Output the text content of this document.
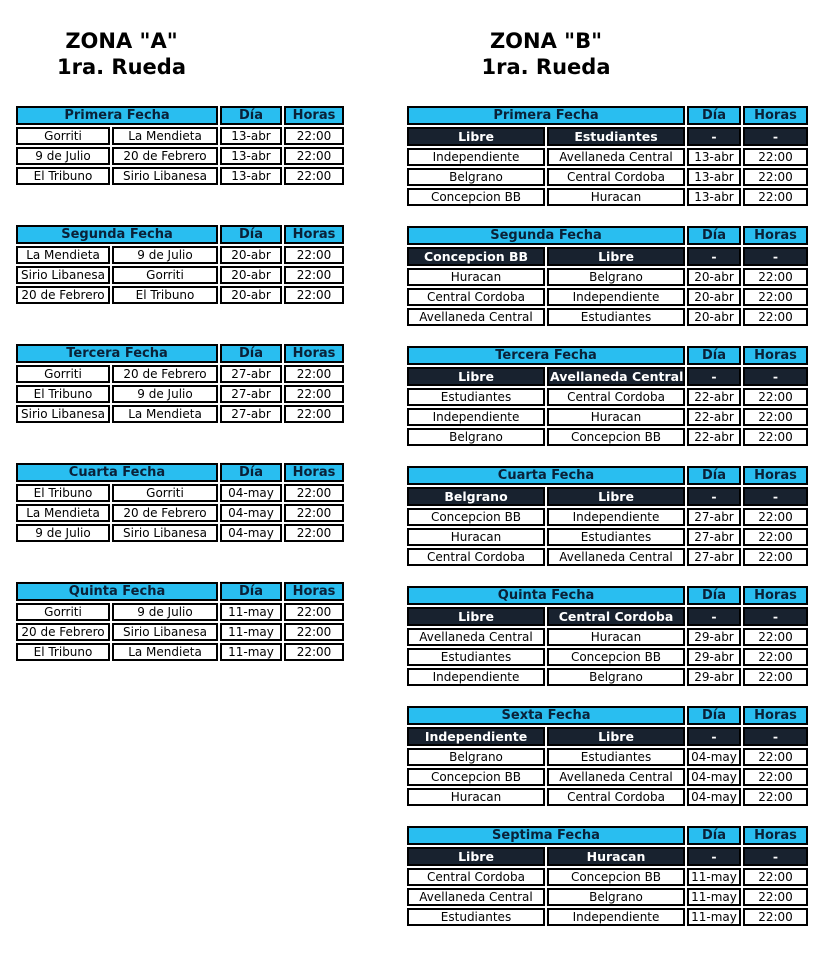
ZONA "A"
1ra. Rueda
Primera Fecha		Día	Horas
Gorriti	La Mendieta	13-abr	22:00
9 de Julio	20 de Febrero	13-abr	22:00
El Tribuno	Sirio Libanesa	13-abr	22:00
Segunda Fecha		Día	Horas
La Mendieta	9 de Julio	20-abr	22:00
Sirio Libanesa	Gorriti	20-abr	22:00
20 de Febrero	El Tribuno	20-abr	22:00
Tercera Fecha		Día	Horas
Gorriti	20 de Febrero	27-abr	22:00
El Tribuno	9 de Julio	27-abr	22:00
Sirio Libanesa	La Mendieta	27-abr	22:00
Cuarta Fecha		Día	Horas
El Tribuno	Gorriti	04-may	22:00
La Mendieta	20 de Febrero	04-may	22:00
9 de Julio	Sirio Libanesa	04-may	22:00
Quinta Fecha		Día	Horas
Gorriti	9 de Julio	11-may	22:00
20 de Febrero	Sirio Libanesa	11-may	22:00
El Tribuno	La Mendieta	11-may	22:00
ZONA "B"
1ra. Rueda
Primera Fecha		Día	Horas
Libre	Estudiantes	-	-
Independiente	Avellaneda Central	13-abr	22:00
Belgrano	Central Cordoba	13-abr	22:00
Concepcion BB	Huracan	13-abr	22:00
Segunda Fecha		Día	Horas
Concepcion BB	Libre	-	-
Huracan	Belgrano	20-abr	22:00
Central Cordoba	Independiente	20-abr	22:00
Avellaneda Central	Estudiantes	20-abr	22:00
Tercera Fecha		Día	Horas
Libre	Avellaneda Central	-	-
Estudiantes	Central Cordoba	22-abr	22:00
Independiente	Huracan	22-abr	22:00
Belgrano	Concepcion BB	22-abr	22:00
Cuarta Fecha		Día	Horas
Belgrano	Libre	-	-
Concepcion BB	Independiente	27-abr	22:00
Huracan	Estudiantes	27-abr	22:00
Central Cordoba	Avellaneda Central	27-abr	22:00
Quinta Fecha		Día	Horas
Libre	Central Cordoba	-	-
Avellaneda Central	Huracan	29-abr	22:00
Estudiantes	Concepcion BB	29-abr	22:00
Independiente	Belgrano	29-abr	22:00
Sexta Fecha		Día	Horas
Independiente	Libre	-	-
Belgrano	Estudiantes	04-may	22:00
Concepcion BB	Avellaneda Central	04-may	22:00
Huracan	Central Cordoba	04-may	22:00
Septima Fecha		Día	Horas
Libre	Huracan	-	-
Central Cordoba	Concepcion BB	11-may	22:00
Avellaneda Central	Belgrano	11-may	22:00
Estudiantes	Independiente	11-may	22:00
